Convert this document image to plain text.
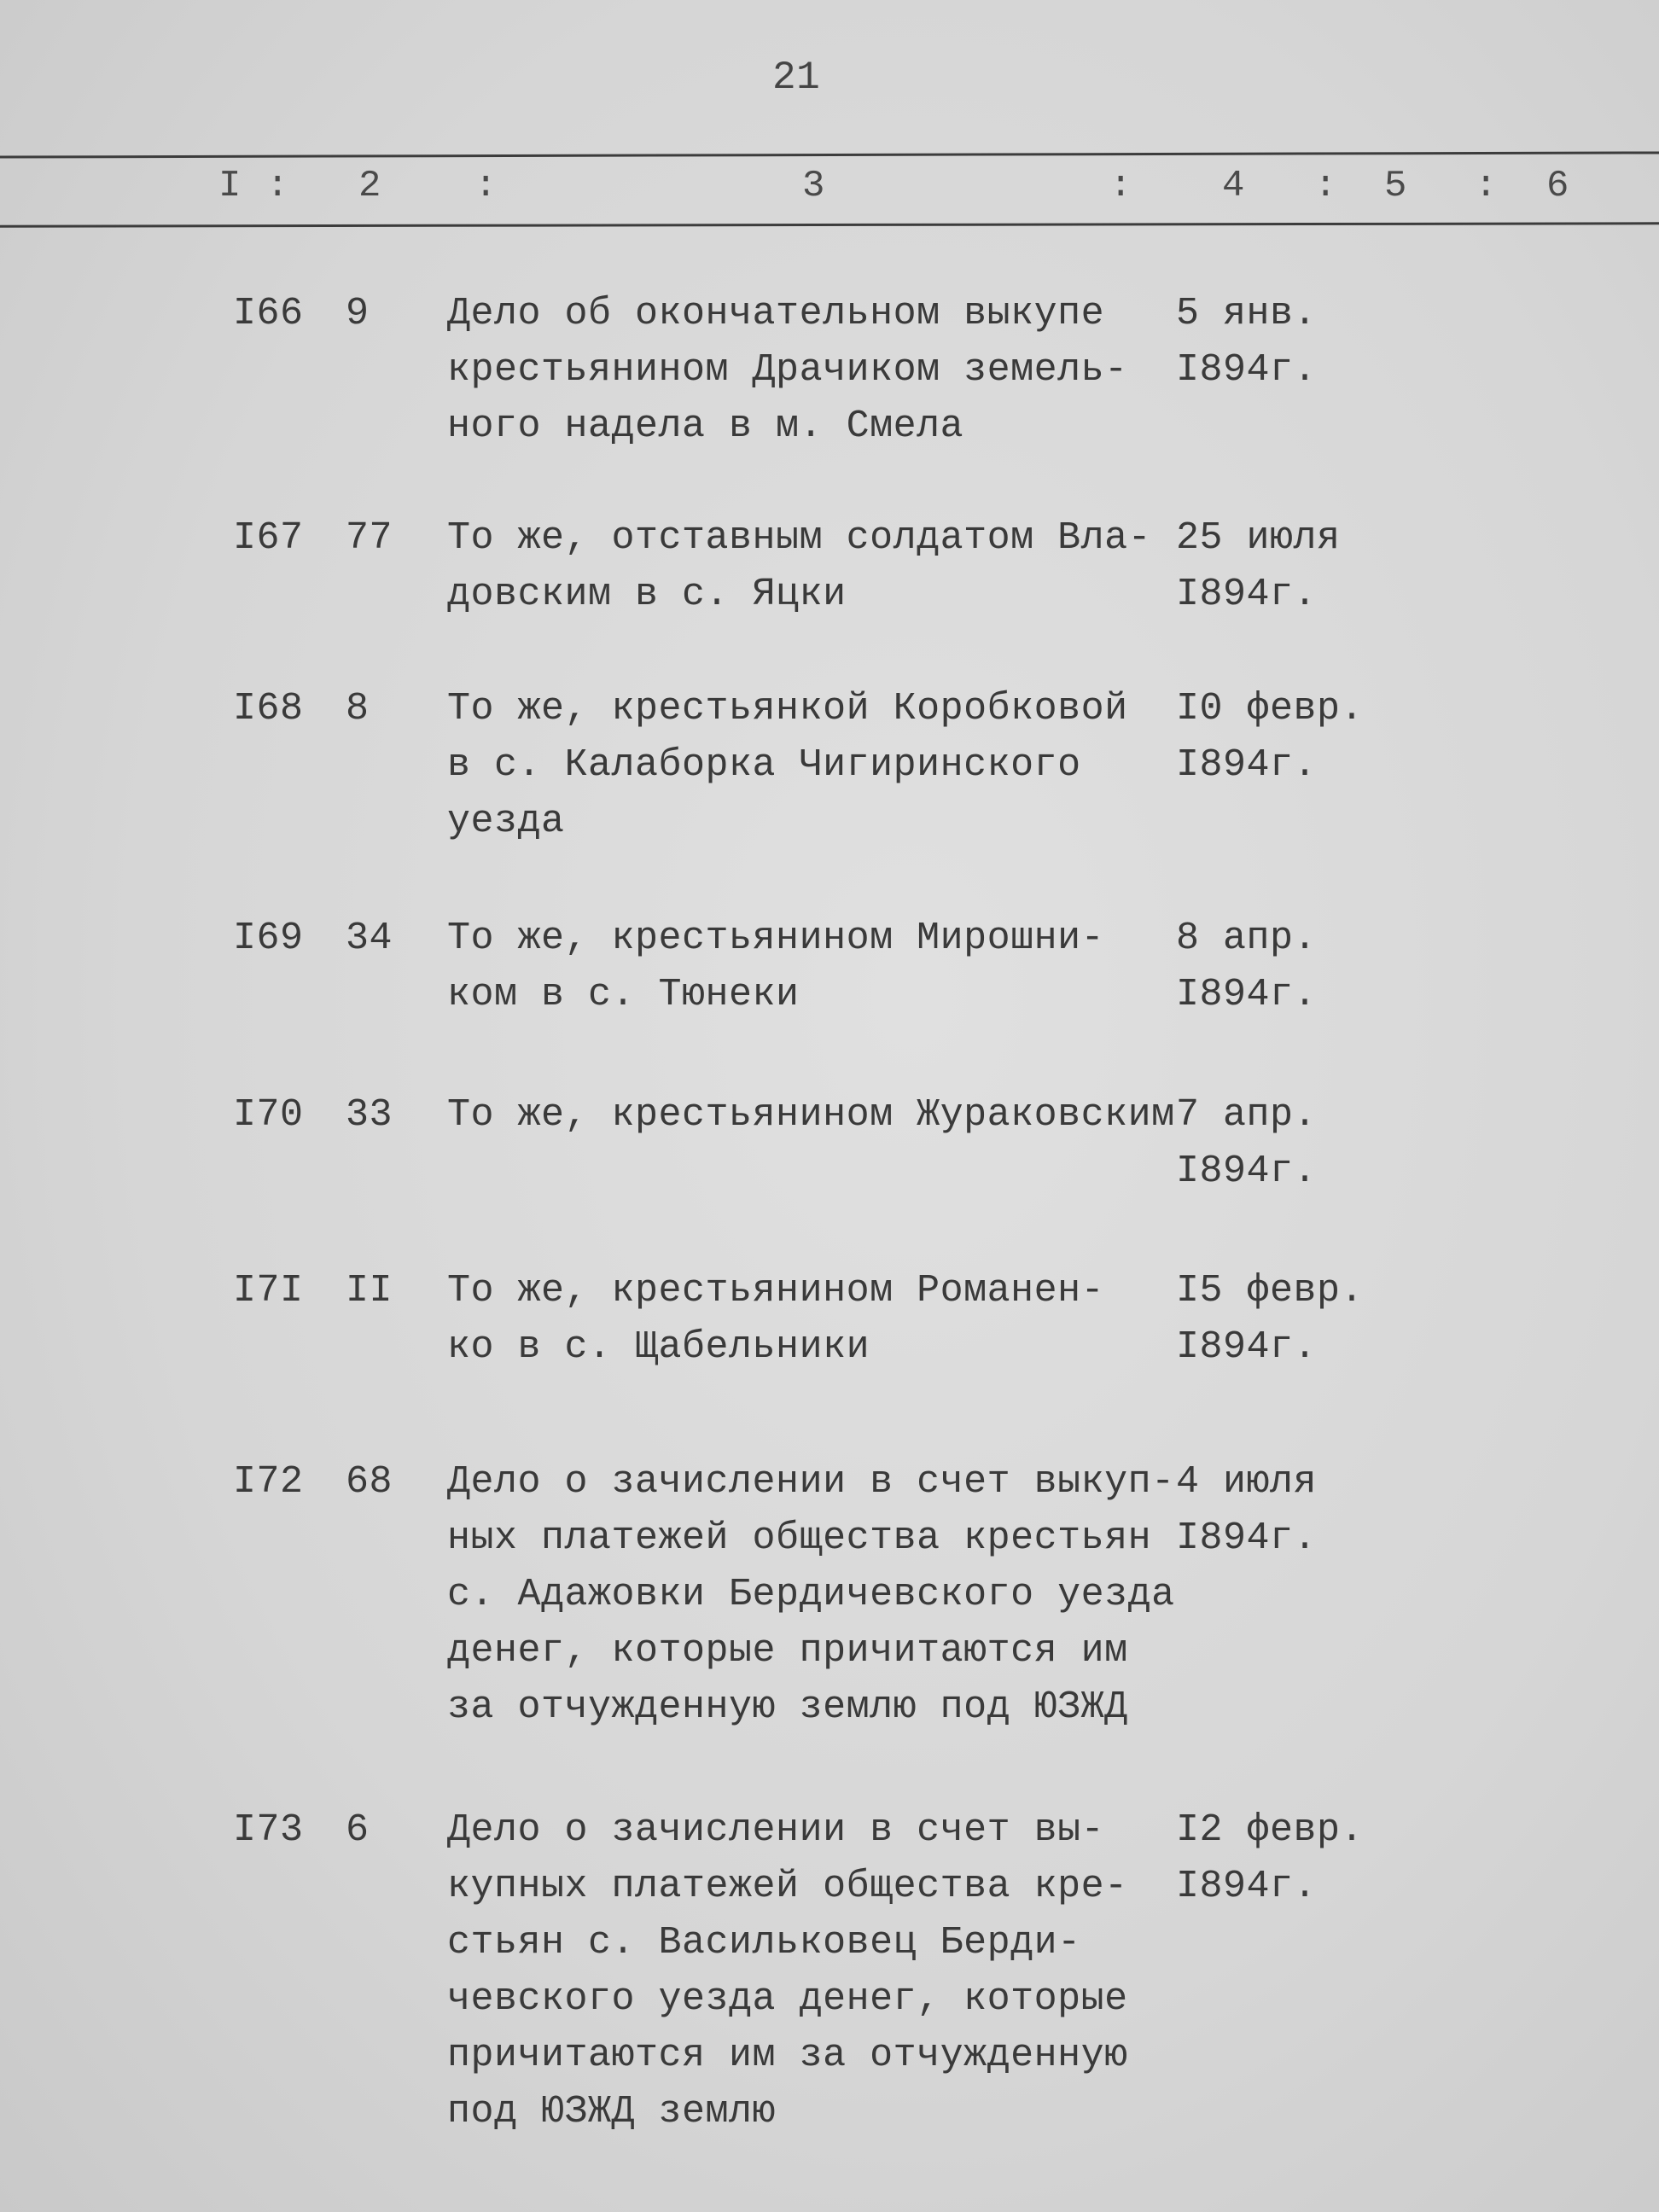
21
I : 2 :	3	: 4 : 5 : 6
I66 9 Дело об окончательном выкупе
крестьянином Драчиком земель-
ного надела в м. Смела
5 янв.
I894г.
I67 77 То же, отставным солдатом Вла-
довским в с. Яцки
25 июля
I894г.
I68 8 То же, крестьянкой Коробковой
в с. Калаборка Чигиринского
уезда
I0 февр.
I894г.
I69 34 То же, крестьянином Мирошни-
ком в с. Тюнеки
8 апр.
I894г.
I70 33 То же, крестьянином Жураковским 7 апр.
I894г.
I7I II То же, крестьянином Романен-
ко в с. Щабельники
I5 февр.
I894г.
I72 68 Дело о зачислении в счет выкуп-
ных платежей общества крестьян
с. Адажовки Бердичевского уезда
денег, которые причитаются им
за отчужденную землю под ЮЗЖД
4 июля
I894г.
I73 6 Дело о зачислении в счет вы-
купных платежей общества кре-
стьян с. Васильковец Берди-
чевского уезда денег, которые
причитаются им за отчужденную
под ЮЗЖД землю
I2 февр.
I894г.
